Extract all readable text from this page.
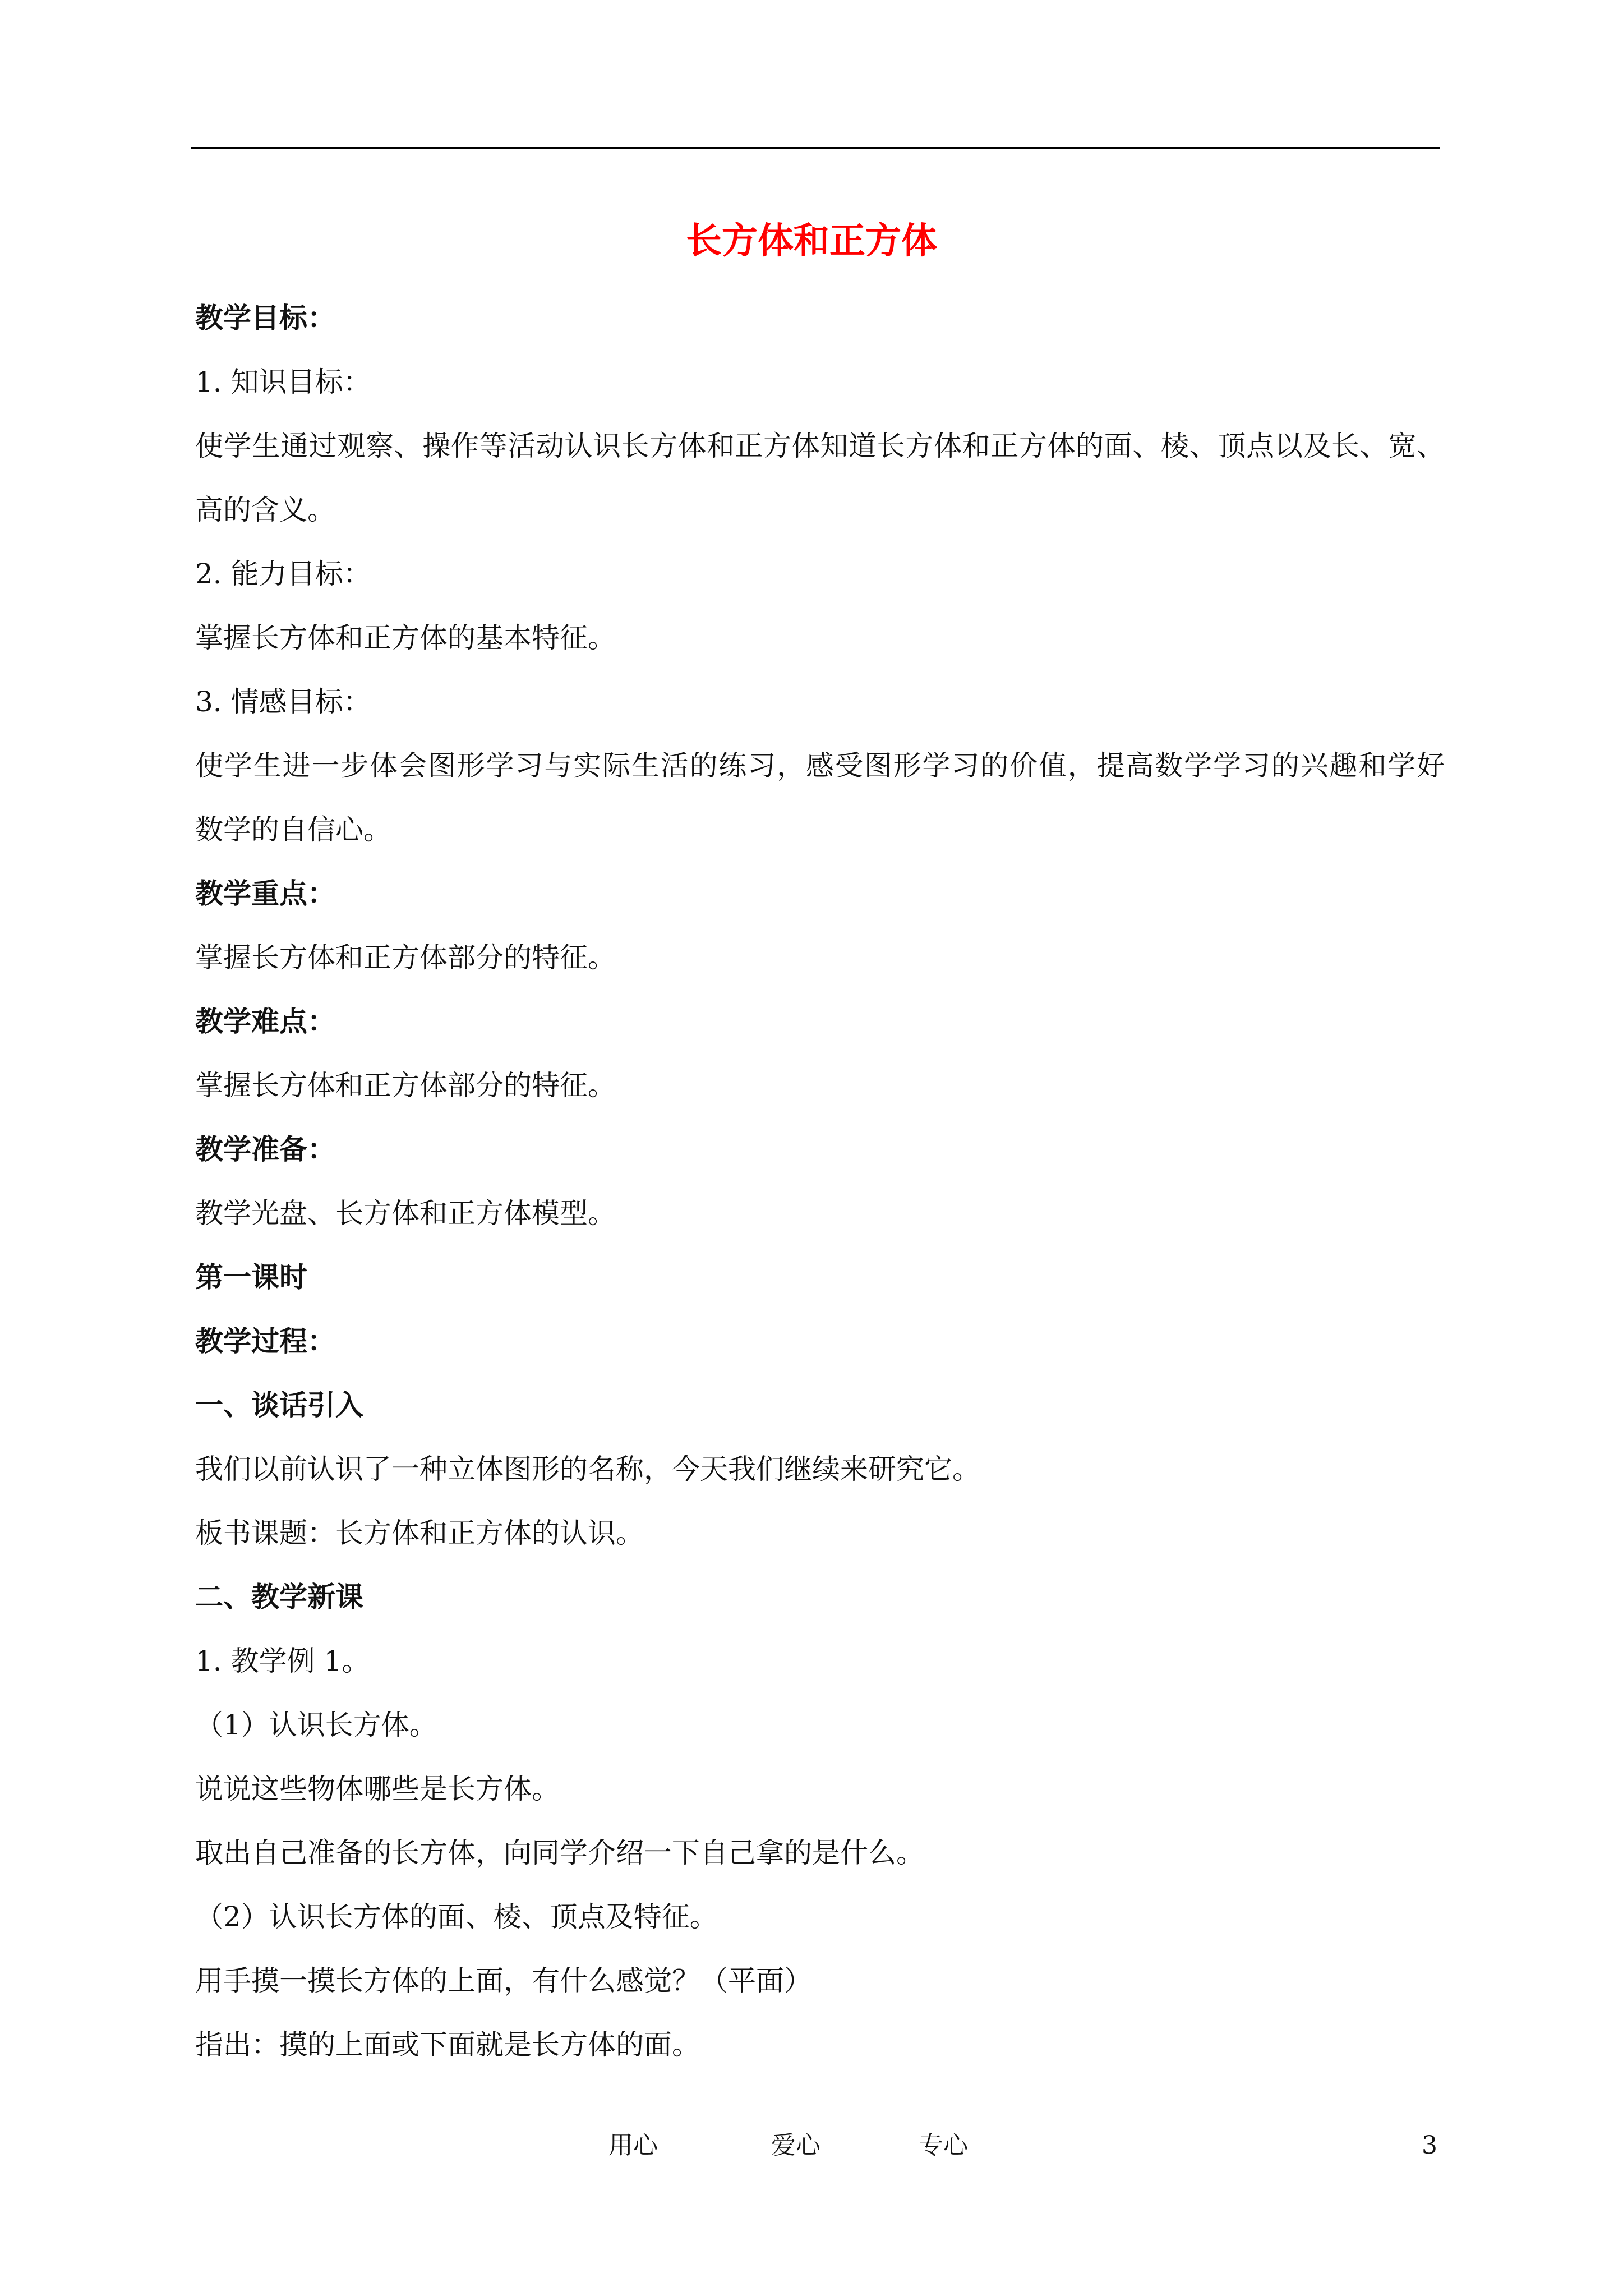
长方体和正方体
教学目标：
1. 知识目标：
使学生通过观察、操作等活动认识长方体和正方体知道长方体和正方体的面、棱、顶点以及长、宽、
高的含义。
2. 能力目标：
掌握长方体和正方体的基本特征。
3. 情感目标：
使学生进一步体会图形学习与实际生活的练习，感受图形学习的价值，提高数学学习的兴趣和学好
数学的自信心。
教学重点：
掌握长方体和正方体部分的特征。
教学难点：
掌握长方体和正方体部分的特征。
教学准备：
教学光盘、长方体和正方体模型。
第一课时
教学过程：
一、谈话引入
我们以前认识了一种立体图形的名称，今天我们继续来研究它。
板书课题：长方体和正方体的认识。
二、教学新课
1. 教学例 1。
（1）认识长方体。
说说这些物体哪些是长方体。
取出自己准备的长方体，向同学介绍一下自己拿的是什么。
（2）认识长方体的面、棱、顶点及特征。
用手摸一摸长方体的上面，有什么感觉？（平面）
指出：摸的上面或下面就是长方体的面。
用心	爱心	专心	3
